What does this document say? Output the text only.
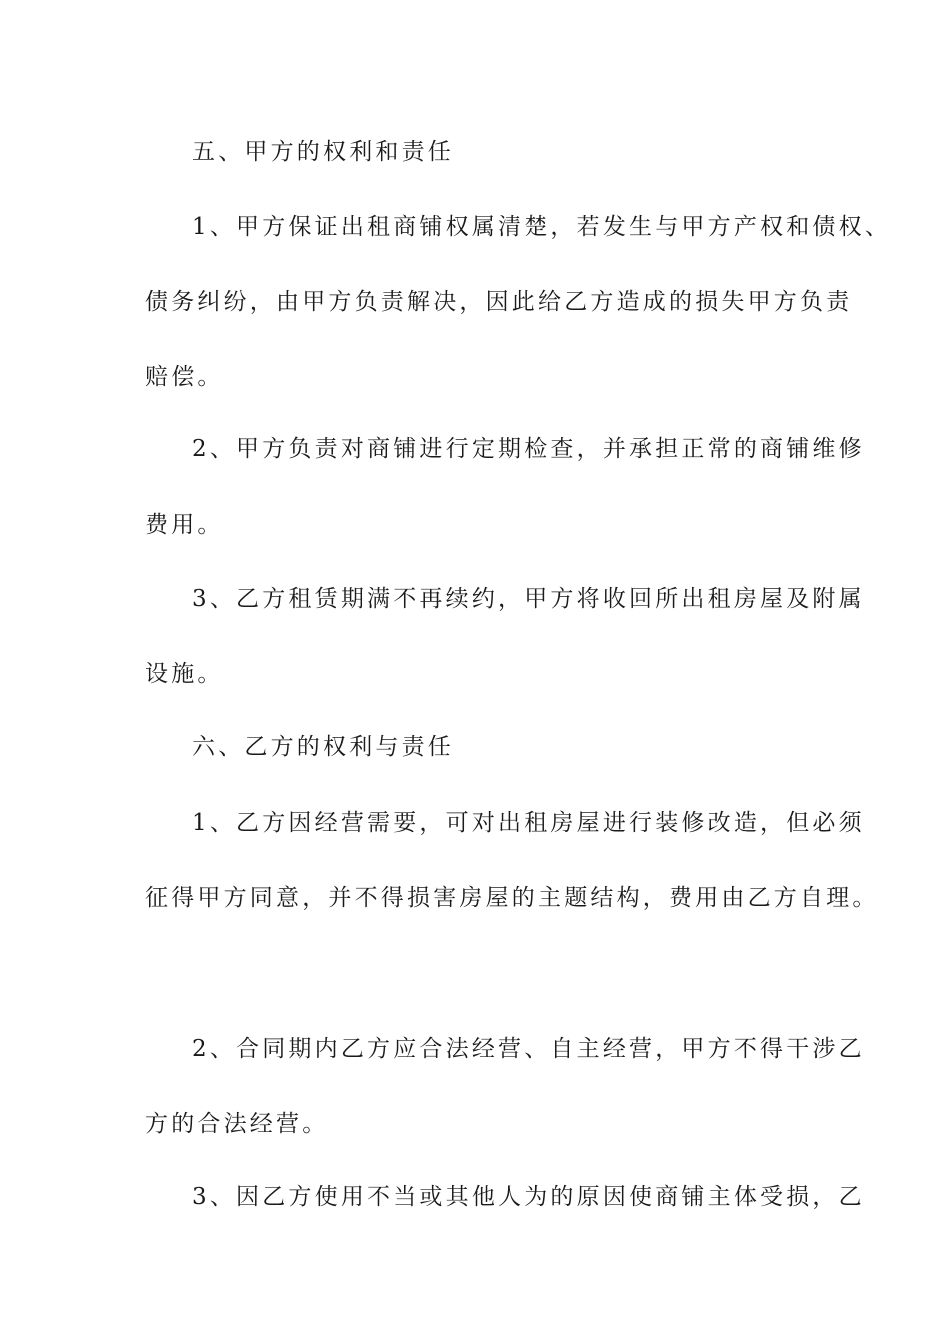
五、甲方的权利和责任
1、甲方保证出租商铺权属清楚，若发生与甲方产权和债权、
债务纠纷，由甲方负责解决，因此给乙方造成的损失甲方负责
赔偿。
2、甲方负责对商铺进行定期检查，并承担正常的商铺维修
费用。
3、乙方租赁期满不再续约，甲方将收回所出租房屋及附属
设施。
六、乙方的权利与责任
1、乙方因经营需要，可对出租房屋进行装修改造，但必须
征得甲方同意，并不得损害房屋的主题结构，费用由乙方自理。
2、合同期内乙方应合法经营、自主经营，甲方不得干涉乙
方的合法经营。
3、因乙方使用不当或其他人为的原因使商铺主体受损，乙
